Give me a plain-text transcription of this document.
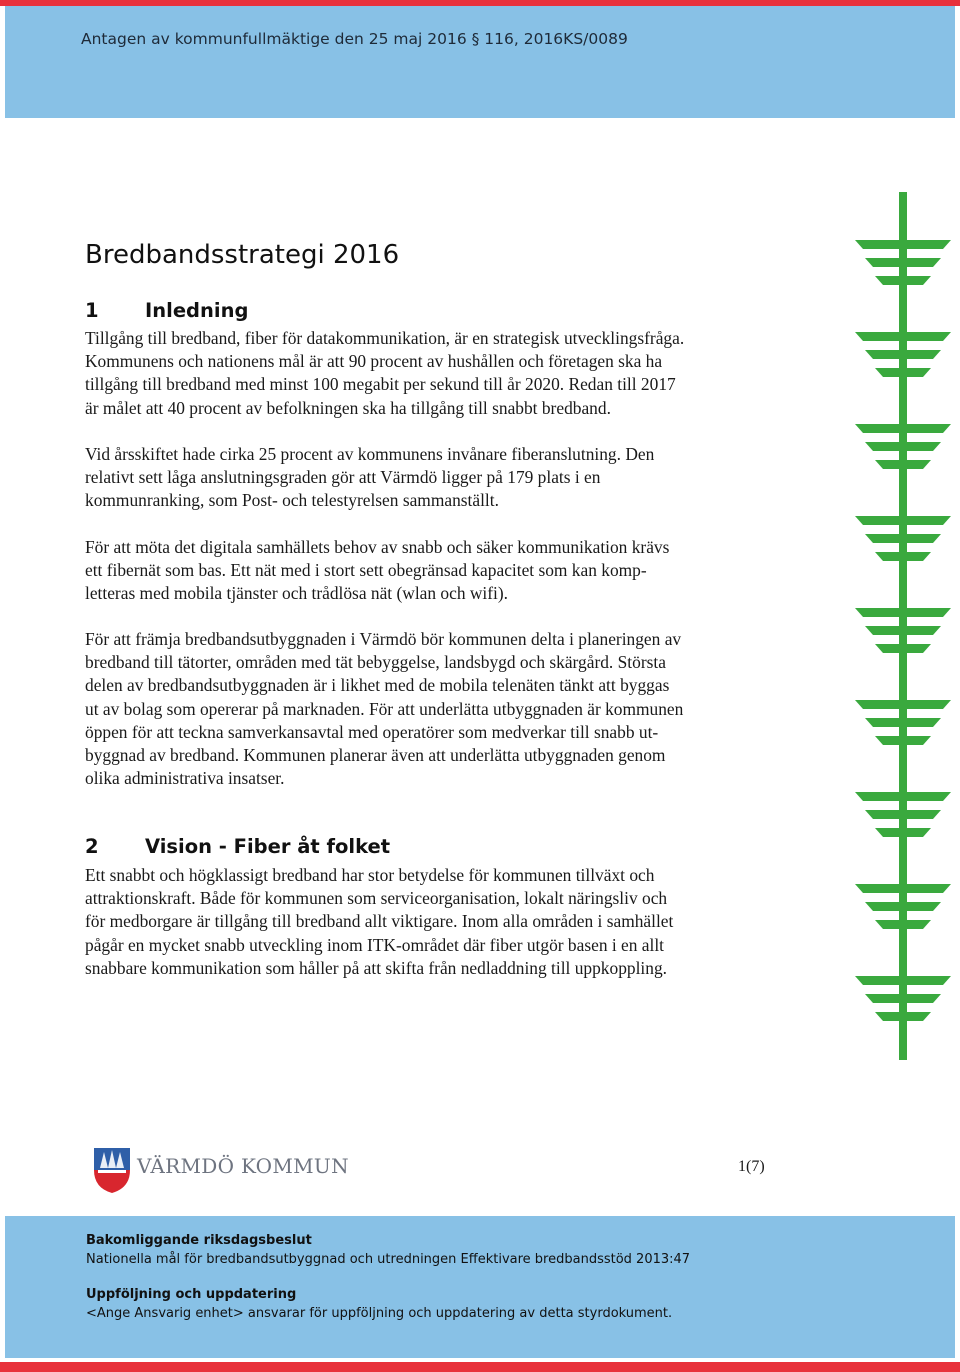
Antagen av kommunfullmäktige den 25 maj 2016 § 116, 2016KS/0089
Bredbandsstrategi 2016
1 Inledning

Tillgång till bredband, fiber för datakommunikation, är en strategisk utvecklingsfråga.
Kommunens och nationens mål är att 90 procent av hushållen och företagen ska ha
tillgång till bredband med minst 100 megabit per sekund till år 2020. Redan till 2017
är målet att 40 procent av befolkningen ska ha tillgång till snabbt bredband.

Vid årsskiftet hade cirka 25 procent av kommunens invånare fiberanslutning. Den
relativt sett låga anslutningsgraden gör att Värmdö ligger på 179 plats i en
kommunranking, som Post- och telestyrelsen sammanställt.

För att möta det digitala samhällets behov av snabb och säker kommunikation krävs
ett fibernät som bas. Ett nät med i stort sett obegränsad kapacitet som kan komp-
letteras med mobila tjänster och trådlösa nät (wlan och wifi).

För att främja bredbandsutbyggnaden i Värmdö bör kommunen delta i planeringen av
bredband till tätorter, områden med tät bebyggelse, landsbygd och skärgård. Största
delen av bredbandsutbyggnaden är i likhet med de mobila telenäten tänkt att byggas
ut av bolag som opererar på marknaden. För att underlätta utbyggnaden är kommunen
öppen för att teckna samverkansavtal med operatörer som medverkar till snabb ut-
byggnad av bredband. Kommunen planerar även att underlätta utbyggnaden genom
olika administrativa insatser.

2 Vision - Fiber åt folket

Ett snabbt och högklassigt bredband har stor betydelse för kommunen tillväxt och
attraktionskraft. Både för kommunen som serviceorganisation, lokalt näringsliv och
för medborgare är tillgång till bredband allt viktigare. Inom alla områden i samhället
pågår en mycket snabb utveckling inom ITK-området där fiber utgör basen i en allt
snabbare kommunikation som håller på att skifta från nedladdning till uppkoppling.

VÄRMDÖ KOMMUN	1(7)
Bakomliggande riksdagsbeslut
Nationella mål för bredbandsutbyggnad och utredningen Effektivare bredbandsstöd 2013:47
Uppföljning och uppdatering
<Ange Ansvarig enhet> ansvarar för uppföljning och uppdatering av detta styrdokument.
